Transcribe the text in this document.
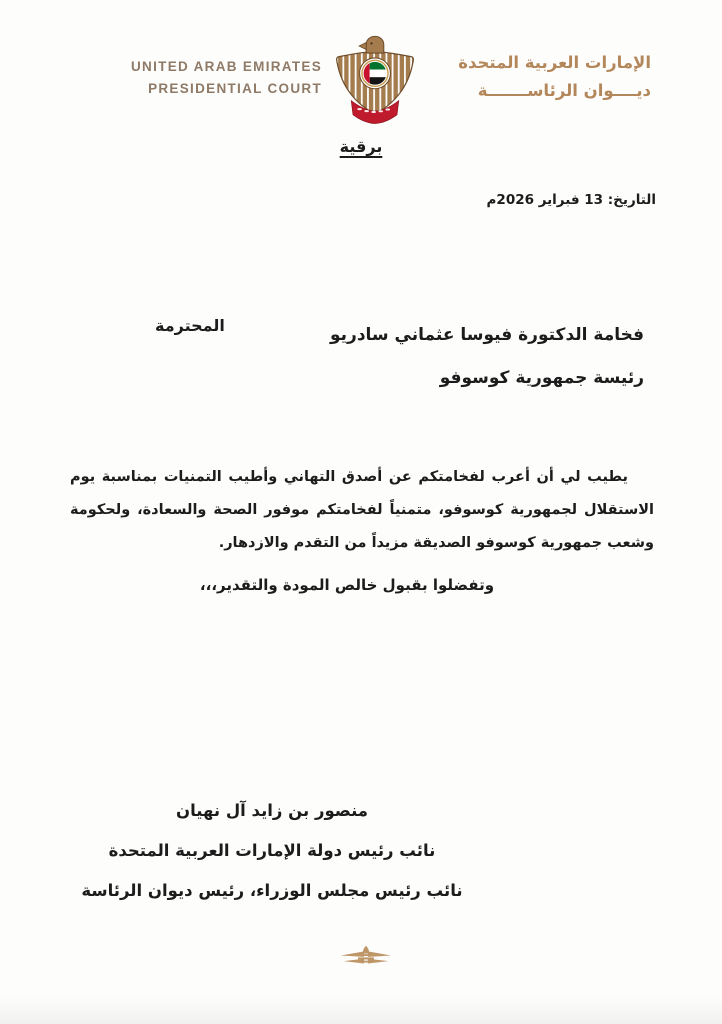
UNITED ARAB EMIRATES
PRESIDENTIAL COURT
الإمارات العربية المتحدة
ديــــوان الرئاســـــــة
برقية
التاريخ: 13 فبراير 2026م
فخامة الدكتورة فيوسا عثماني سادريو
رئيسة جمهورية كوسوفو
المحترمة
يطيب لي أن أعرب لفخامتكم عن أصدق التهاني وأطيب التمنيات بمناسبة يوم الاستقلال لجمهورية كوسوفو، متمنياً لفخامتكم موفور الصحة والسعادة، ولحكومة وشعب جمهورية كوسوفو الصديقة مزيداً من التقدم والازدهار.
وتفضلوا بقبول خالص المودة والتقدير،،،
منصور بن زايد آل نهيان
نائب رئيس دولة الإمارات العربية المتحدة
نائب رئيس مجلس الوزراء، رئيس ديوان الرئاسة
